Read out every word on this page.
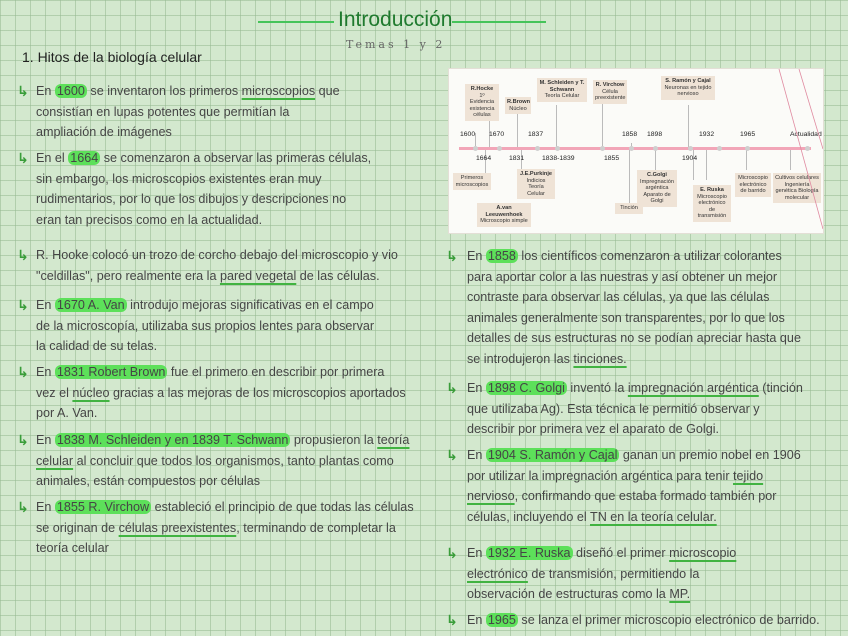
Introducción
Temas 1 y 2
1. Hitos de la biología celular
↳ En 1600 se inventaron los primeros microscopios que
consistían en lupas potentes que permitían la
ampliación de imágenes
↳ En el 1664 se comenzaron a observar las primeras células,
sin embargo, los microscopios existentes eran muy
rudimentarios, por lo que los dibujos y descripciones no
eran tan precisos como en la actualidad.
↳ R. Hooke colocó un trozo de corcho debajo del microscopio y vio
"celdillas", pero realmente era la pared vegetal de las células.
↳ En 1670 A. Van introdujo mejoras significativas en el campo
de la microscopía, utilizaba sus propios lentes para observar
la calidad de su telas.
↳ En 1831 Robert Brown fue el primero en describir por primera
vez el núcleo gracias a las mejoras de los microscopios aportados
por A. Van.
↳ En 1838 M. Schleiden y en 1839 T. Schwann propusieron la teoría
celular al concluir que todos los organismos, tanto plantas como
animales, están compuestos por células
↳ En 1855 R. Virchow estableció el principio de que todas las células
se originan de células preexistentes, terminando de completar la
teoría celular
↳ En 1858 los científicos comenzaron a utilizar colorantes
para aportar color a las nuestras y así obtener un mejor
contraste para observar las células, ya que las células
animales generalmente son transparentes, por lo que los
detalles de sus estructuras no se podían apreciar hasta que
se introdujeron las tinciones.
↳ En 1898 C. Golgi inventó la impregnación argéntica (tinción
que utilizaba Ag). Esta técnica le permitió observar y
describir por primera vez el aparato de Golgi.
↳ En 1904 S. Ramón y Cajal ganan un premio nobel en 1906
por utilizar la impregnación argéntica para tenir tejido
nervioso, confirmando que estaba formado también por
células, incluyendo el TN en la teoría celular.
↳ En 1932 E. Ruska diseñó el primer microscopio
electrónico de transmisión, permitiendo la
observación de estructuras como la MP.
↳ En 1965 se lanza el primer microscopio electrónico de barrido.
1600 1670	1837	1858 1898	1932	1965	Actualidad
1664	1831	1838-1839	1855	1904
R.Hocke
1º Evidencia existencia células
R.Brown
Núcleo
M. Schleiden y T. Schwann
Teoría Celular
R. Virchow
Célula preexistente
S. Ramón y Cajal
Neuronas en tejido nervioso
Primeros microscopios
J.E.Purkinje
Indicios Teoría Celular
C.Golgi
Impregnación argéntica Aparato de Golgi
Tinción
E. Ruska
Microscopio electrónico de transmisión
Microscopio electrónico de barrido
Cultivos celulares Ingeniería genética Biología molecular
A.van Leeuwenhoek
Microscopio simple
